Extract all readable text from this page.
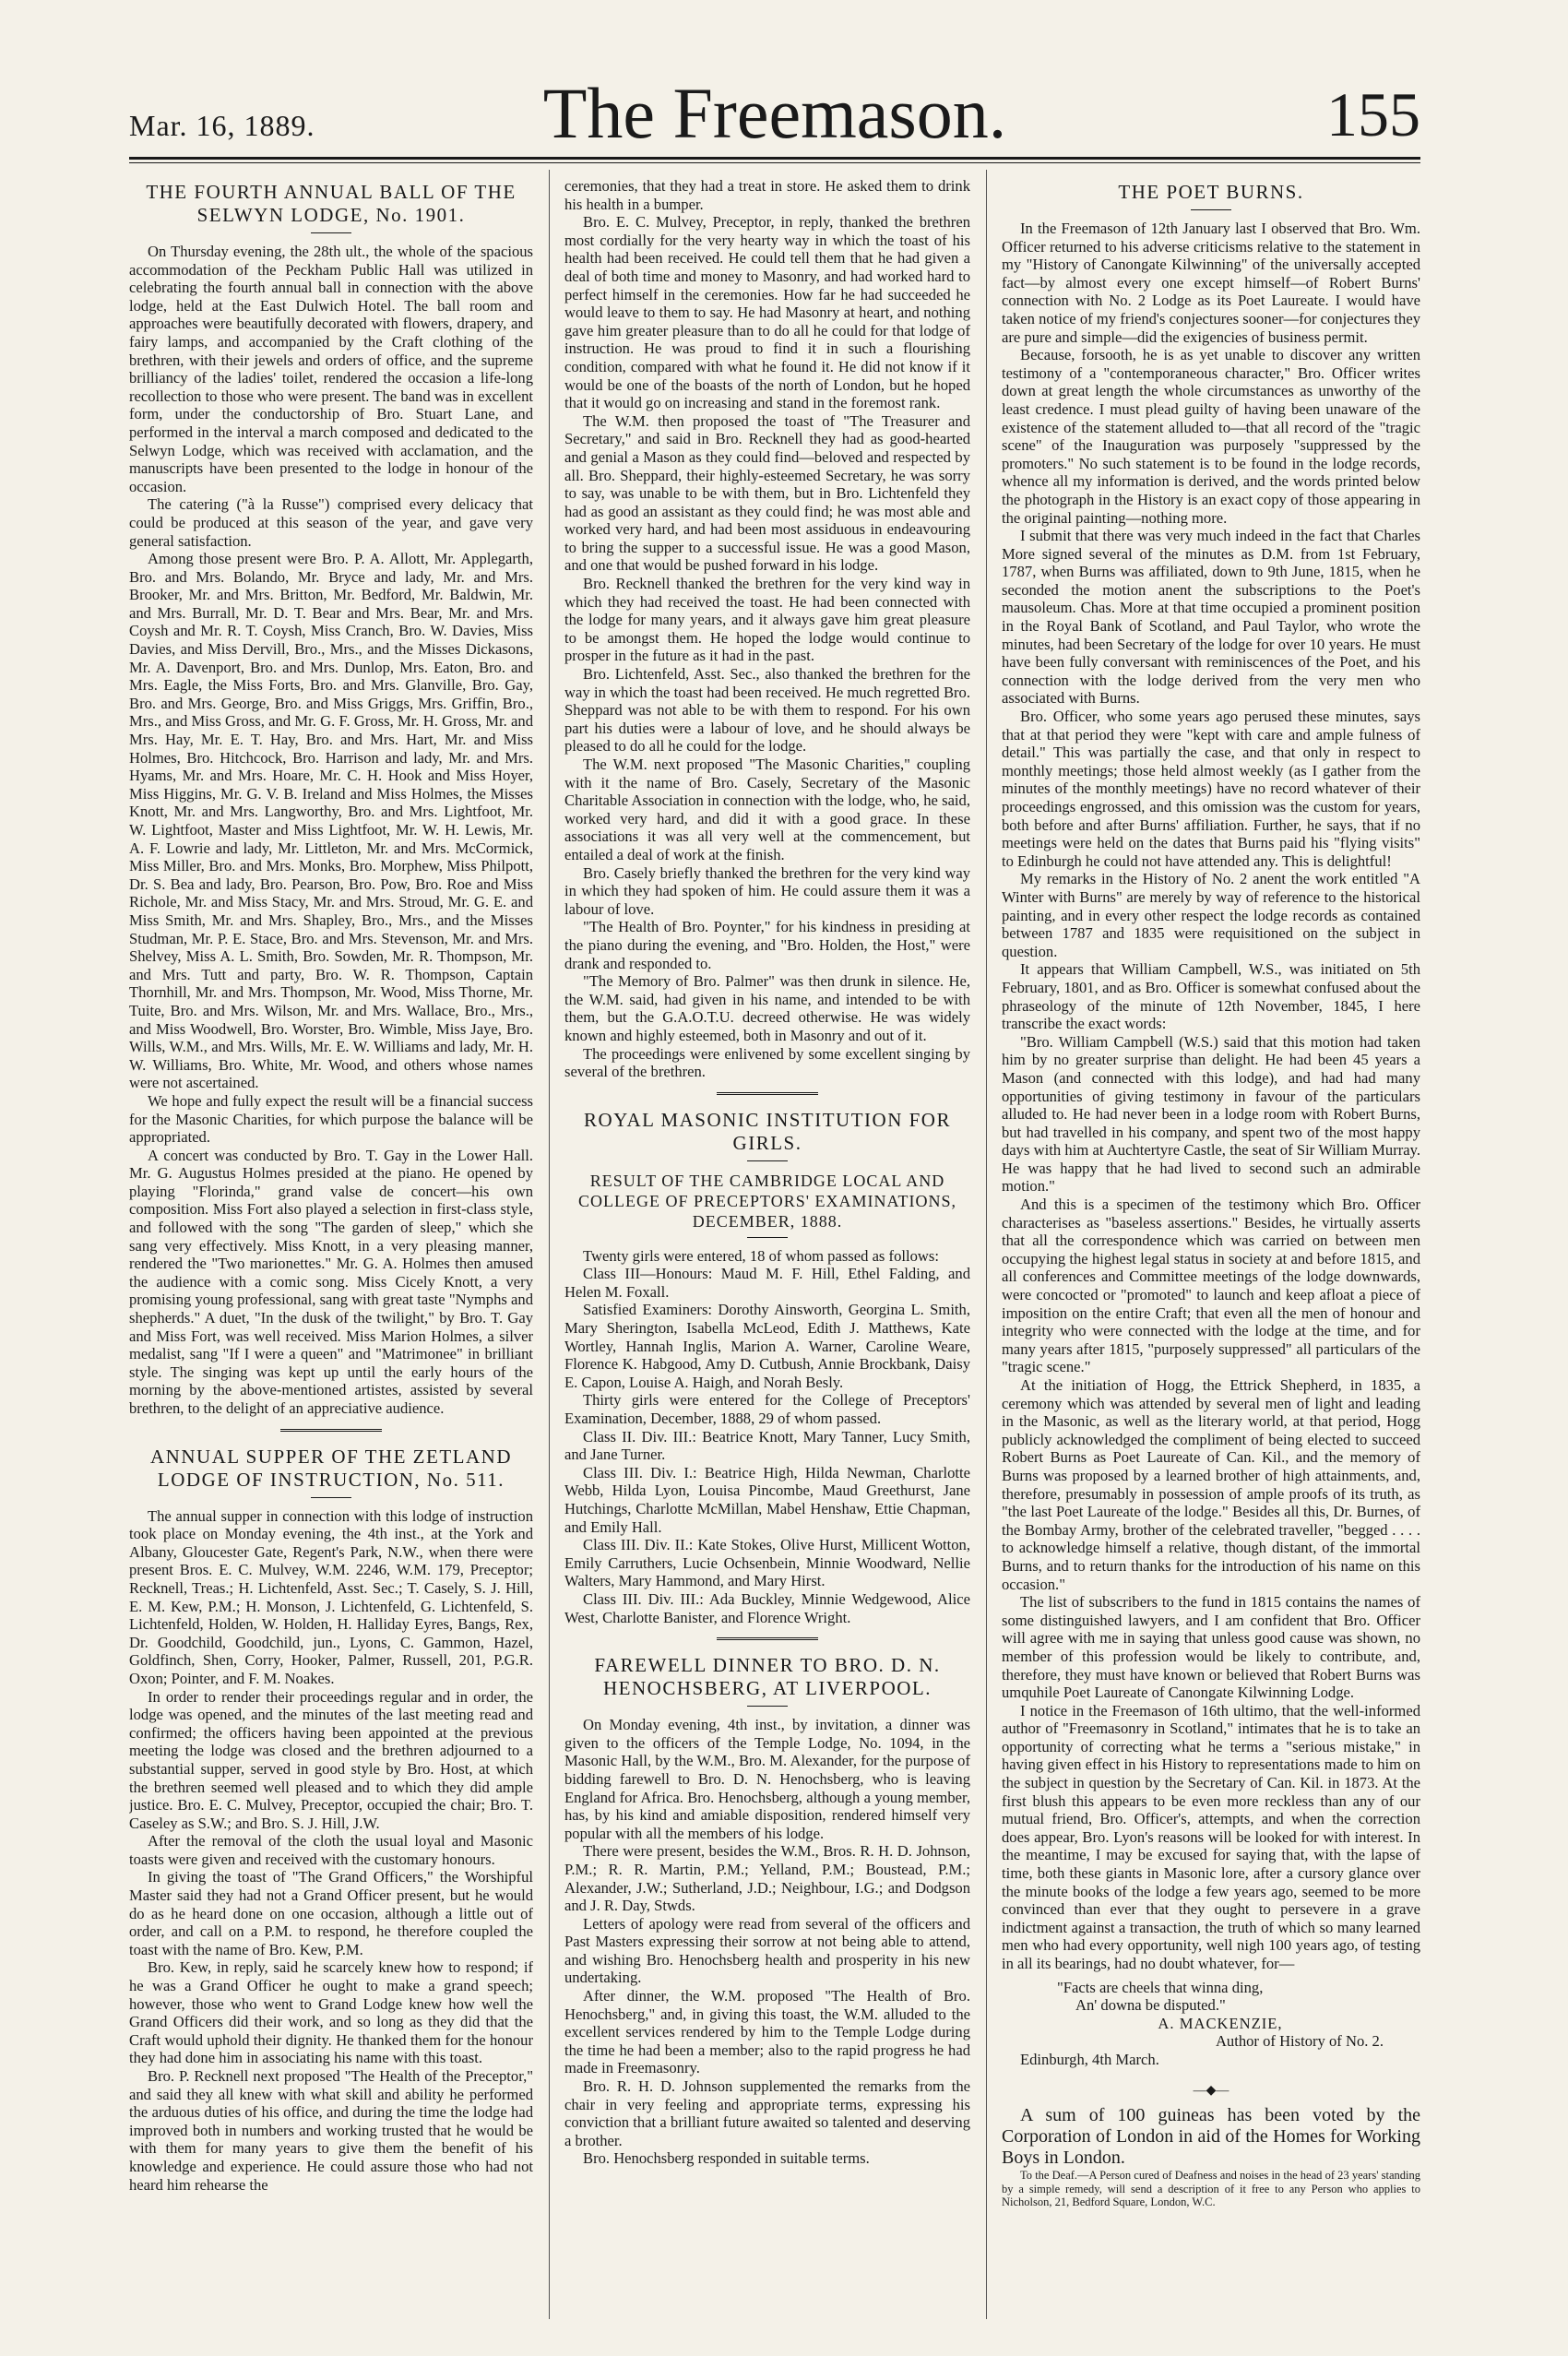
Mar. 16, 1889.	The Freemason.	155
THE FOURTH ANNUAL BALL OF THE SELWYN LODGE, No. 1901.

On Thursday evening, the 28th ult., the whole of the spacious accommodation of the Peckham Public Hall was utilized in celebrating the fourth annual ball in connection with the above lodge, held at the East Dulwich Hotel. The ball room and approaches were beautifully decorated with flowers, drapery, and fairy lamps, and accompanied by the Craft clothing of the brethren, with their jewels and orders of office, and the supreme brilliancy of the ladies' toilet, rendered the occasion a life-long recollection to those who were present. The band was in excellent form, under the conductorship of Bro. Stuart Lane, and performed in the interval a march composed and dedicated to the Selwyn Lodge, which was received with acclamation, and the manuscripts have been presented to the lodge in honour of the occasion.

The catering ("à la Russe") comprised every delicacy that could be produced at this season of the year, and gave very general satisfaction.

Among those present were Bro. P. A. Allott, Mr. Applegarth, Bro. and Mrs. Bolando, Mr. Bryce and lady, Mr. and Mrs. Brooker, Mr. and Mrs. Britton, Mr. Bedford, Mr. Baldwin, Mr. and Mrs. Burrall, Mr. D. T. Bear and Mrs. Bear, Mr. and Mrs. Coysh and Mr. R. T. Coysh, Miss Cranch, Bro. W. Davies, Miss Davies, and Miss Dervill, Bro., Mrs., and the Misses Dickasons, Mr. A. Davenport, Bro. and Mrs. Dunlop, Mrs. Eaton, Bro. and Mrs. Eagle, the Miss Forts, Bro. and Mrs. Glanville, Bro. Gay, Bro. and Mrs. George, Bro. and Miss Griggs, Mrs. Griffin, Bro., Mrs., and Miss Gross, and Mr. G. F. Gross, Mr. H. Gross, Mr. and Mrs. Hay, Mr. E. T. Hay, Bro. and Mrs. Hart, Mr. and Miss Holmes, Bro. Hitchcock, Bro. Harrison and lady, Mr. and Mrs. Hyams, Mr. and Mrs. Hoare, Mr. C. H. Hook and Miss Hoyer, Miss Higgins, Mr. G. V. B. Ireland and Miss Holmes, the Misses Knott, Mr. and Mrs. Langworthy, Bro. and Mrs. Lightfoot, Mr. W. Lightfoot, Master and Miss Lightfoot, Mr. W. H. Lewis, Mr. A. F. Lowrie and lady, Mr. Littleton, Mr. and Mrs. McCormick, Miss Miller, Bro. and Mrs. Monks, Bro. Morphew, Miss Philpott, Dr. S. Bea and lady, Bro. Pearson, Bro. Pow, Bro. Roe and Miss Richole, Mr. and Miss Stacy, Mr. and Mrs. Stroud, Mr. G. E. and Miss Smith, Mr. and Mrs. Shapley, Bro., Mrs., and the Misses Studman, Mr. P. E. Stace, Bro. and Mrs. Stevenson, Mr. and Mrs. Shelvey, Miss A. L. Smith, Bro. Sowden, Mr. R. Thompson, Mr. and Mrs. Tutt and party, Bro. W. R. Thompson, Captain Thornhill, Mr. and Mrs. Thompson, Mr. Wood, Miss Thorne, Mr. Tuite, Bro. and Mrs. Wilson, Mr. and Mrs. Wallace, Bro., Mrs., and Miss Woodwell, Bro. Worster, Bro. Wimble, Miss Jaye, Bro. Wills, W.M., and Mrs. Wills, Mr. E. W. Williams and lady, Mr. H. W. Williams, Bro. White, Mr. Wood, and others whose names were not ascertained.

We hope and fully expect the result will be a financial success for the Masonic Charities, for which purpose the balance will be appropriated.

A concert was conducted by Bro. T. Gay in the Lower Hall. Mr. G. Augustus Holmes presided at the piano. He opened by playing "Florinda," grand valse de concert—his own composition. Miss Fort also played a selection in first-class style, and followed with the song "The garden of sleep," which she sang very effectively. Miss Knott, in a very pleasing manner, rendered the "Two marionettes." Mr. G. A. Holmes then amused the audience with a comic song. Miss Cicely Knott, a very promising young professional, sang with great taste "Nymphs and shepherds." A duet, "In the dusk of the twilight," by Bro. T. Gay and Miss Fort, was well received. Miss Marion Holmes, a silver medalist, sang "If I were a queen" and "Matrimonee" in brilliant style. The singing was kept up until the early hours of the morning by the above-mentioned artistes, assisted by several brethren, to the delight of an appreciative audience.

ANNUAL SUPPER OF THE ZETLAND LODGE OF INSTRUCTION, No. 511.

The annual supper in connection with this lodge of instruction took place on Monday evening, the 4th inst., at the York and Albany, Gloucester Gate, Regent's Park, N.W., when there were present Bros. E. C. Mulvey, W.M. 2246, W.M. 179, Preceptor; Recknell, Treas.; H. Lichtenfeld, Asst. Sec.; T. Casely, S. J. Hill, E. M. Kew, P.M.; H. Monson, J. Lichtenfeld, G. Lichtenfeld, S. Lichtenfeld, Holden, W. Holden, H. Halliday Eyres, Bangs, Rex, Dr. Goodchild, Goodchild, jun., Lyons, C. Gammon, Hazel, Goldfinch, Shen, Corry, Hooker, Palmer, Russell, 201, P.G.R. Oxon; Pointer, and F. M. Noakes.

In order to render their proceedings regular and in order, the lodge was opened, and the minutes of the last meeting read and confirmed; the officers having been appointed at the previous meeting the lodge was closed and the brethren adjourned to a substantial supper, served in good style by Bro. Host, at which the brethren seemed well pleased and to which they did ample justice. Bro. E. C. Mulvey, Preceptor, occupied the chair; Bro. T. Caseley as S.W.; and Bro. S. J. Hill, J.W.

After the removal of the cloth the usual loyal and Masonic toasts were given and received with the customary honours.

In giving the toast of "The Grand Officers," the Worshipful Master said they had not a Grand Officer present, but he would do as he heard done on one occasion, although a little out of order, and call on a P.M. to respond, he therefore coupled the toast with the name of Bro. Kew, P.M.

Bro. Kew, in reply, said he scarcely knew how to respond; if he was a Grand Officer he ought to make a grand speech; however, those who went to Grand Lodge knew how well the Grand Officers did their work, and so long as they did that the Craft would uphold their dignity. He thanked them for the honour they had done him in associating his name with this toast.

Bro. P. Recknell next proposed "The Health of the Preceptor," and said they all knew with what skill and ability he performed the arduous duties of his office, and during the time the lodge had improved both in numbers and working trusted that he would be with them for many years to give them the benefit of his knowledge and experience. He could assure those who had not heard him rehearse the

ceremonies, that they had a treat in store. He asked them to drink his health in a bumper.

Bro. E. C. Mulvey, Preceptor, in reply, thanked the brethren most cordially for the very hearty way in which the toast of his health had been received. He could tell them that he had given a deal of both time and money to Masonry, and had worked hard to perfect himself in the ceremonies. How far he had succeeded he would leave to them to say. He had Masonry at heart, and nothing gave him greater pleasure than to do all he could for that lodge of instruction. He was proud to find it in such a flourishing condition, compared with what he found it. He did not know if it would be one of the boasts of the north of London, but he hoped that it would go on increasing and stand in the foremost rank.

The W.M. then proposed the toast of "The Treasurer and Secretary," and said in Bro. Recknell they had as good-hearted and genial a Mason as they could find—beloved and respected by all. Bro. Sheppard, their highly-esteemed Secretary, he was sorry to say, was unable to be with them, but in Bro. Lichtenfeld they had as good an assistant as they could find; he was most able and worked very hard, and had been most assiduous in endeavouring to bring the supper to a successful issue. He was a good Mason, and one that would be pushed forward in his lodge.

Bro. Recknell thanked the brethren for the very kind way in which they had received the toast. He had been connected with the lodge for many years, and it always gave him great pleasure to be amongst them. He hoped the lodge would continue to prosper in the future as it had in the past.

Bro. Lichtenfeld, Asst. Sec., also thanked the brethren for the way in which the toast had been received. He much regretted Bro. Sheppard was not able to be with them to respond. For his own part his duties were a labour of love, and he should always be pleased to do all he could for the lodge.

The W.M. next proposed "The Masonic Charities," coupling with it the name of Bro. Casely, Secretary of the Masonic Charitable Association in connection with the lodge, who, he said, worked very hard, and did it with a good grace. In these associations it was all very well at the commencement, but entailed a deal of work at the finish.

Bro. Casely briefly thanked the brethren for the very kind way in which they had spoken of him. He could assure them it was a labour of love.

"The Health of Bro. Poynter," for his kindness in presiding at the piano during the evening, and "Bro. Holden, the Host," were drank and responded to.

"The Memory of Bro. Palmer" was then drunk in silence. He, the W.M. said, had given in his name, and intended to be with them, but the G.A.O.T.U. decreed otherwise. He was widely known and highly esteemed, both in Masonry and out of it.

The proceedings were enlivened by some excellent singing by several of the brethren.

ROYAL MASONIC INSTITUTION FOR GIRLS.
RESULT OF THE CAMBRIDGE LOCAL AND COLLEGE OF PRECEPTORS' EXAMINATIONS, DECEMBER, 1888.

Twenty girls were entered, 18 of whom passed as follows:

Class III—Honours: Maud M. F. Hill, Ethel Falding, and Helen M. Foxall.

Satisfied Examiners: Dorothy Ainsworth, Georgina L. Smith, Mary Sherington, Isabella McLeod, Edith J. Matthews, Kate Wortley, Hannah Inglis, Marion A. Warner, Caroline Weare, Florence K. Habgood, Amy D. Cutbush, Annie Brockbank, Daisy E. Capon, Louise A. Haigh, and Norah Besly.

Thirty girls were entered for the College of Preceptors' Examination, December, 1888, 29 of whom passed.

Class II. Div. III.: Beatrice Knott, Mary Tanner, Lucy Smith, and Jane Turner.

Class III. Div. I.: Beatrice High, Hilda Newman, Charlotte Webb, Hilda Lyon, Louisa Pincombe, Maud Greethurst, Jane Hutchings, Charlotte McMillan, Mabel Henshaw, Ettie Chapman, and Emily Hall.

Class III. Div. II.: Kate Stokes, Olive Hurst, Millicent Wotton, Emily Carruthers, Lucie Ochsenbein, Minnie Woodward, Nellie Walters, Mary Hammond, and Mary Hirst.

Class III. Div. III.: Ada Buckley, Minnie Wedgewood, Alice West, Charlotte Banister, and Florence Wright.

FAREWELL DINNER TO BRO. D. N. HENOCHSBERG, AT LIVERPOOL.

On Monday evening, 4th inst., by invitation, a dinner was given to the officers of the Temple Lodge, No. 1094, in the Masonic Hall, by the W.M., Bro. M. Alexander, for the purpose of bidding farewell to Bro. D. N. Henochsberg, who is leaving England for Africa. Bro. Henochsberg, although a young member, has, by his kind and amiable disposition, rendered himself very popular with all the members of his lodge.

There were present, besides the W.M., Bros. R. H. D. Johnson, P.M.; R. R. Martin, P.M.; Yelland, P.M.; Boustead, P.M.; Alexander, J.W.; Sutherland, J.D.; Neighbour, I.G.; and Dodgson and J. R. Day, Stwds.

Letters of apology were read from several of the officers and Past Masters expressing their sorrow at not being able to attend, and wishing Bro. Henochsberg health and prosperity in his new undertaking.

After dinner, the W.M. proposed "The Health of Bro. Henochsberg," and, in giving this toast, the W.M. alluded to the excellent services rendered by him to the Temple Lodge during the time he had been a member; also to the rapid progress he had made in Freemasonry.

Bro. R. H. D. Johnson supplemented the remarks from the chair in very feeling and appropriate terms, expressing his conviction that a brilliant future awaited so talented and deserving a brother.

Bro. Henochsberg responded in suitable terms.

THE POET BURNS.

In the Freemason of 12th January last I observed that Bro. Wm. Officer returned to his adverse criticisms relative to the statement in my "History of Canongate Kilwinning" of the universally accepted fact—by almost every one except himself—of Robert Burns' connection with No. 2 Lodge as its Poet Laureate. I would have taken notice of my friend's conjectures sooner—for conjectures they are pure and simple—did the exigencies of business permit.

Because, forsooth, he is as yet unable to discover any written testimony of a "contemporaneous character," Bro. Officer writes down at great length the whole circumstances as unworthy of the least credence. I must plead guilty of having been unaware of the existence of the statement alluded to—that all record of the "tragic scene" of the Inauguration was purposely "suppressed by the promoters." No such statement is to be found in the lodge records, whence all my information is derived, and the words printed below the photograph in the History is an exact copy of those appearing in the original painting—nothing more.

I submit that there was very much indeed in the fact that Charles More signed several of the minutes as D.M. from 1st February, 1787, when Burns was affiliated, down to 9th June, 1815, when he seconded the motion anent the subscriptions to the Poet's mausoleum. Chas. More at that time occupied a prominent position in the Royal Bank of Scotland, and Paul Taylor, who wrote the minutes, had been Secretary of the lodge for over 10 years. He must have been fully conversant with reminiscences of the Poet, and his connection with the lodge derived from the very men who associated with Burns.

Bro. Officer, who some years ago perused these minutes, says that at that period they were "kept with care and ample fulness of detail." This was partially the case, and that only in respect to monthly meetings; those held almost weekly (as I gather from the minutes of the monthly meetings) have no record whatever of their proceedings engrossed, and this omission was the custom for years, both before and after Burns' affiliation. Further, he says, that if no meetings were held on the dates that Burns paid his "flying visits" to Edinburgh he could not have attended any. This is delightful!

My remarks in the History of No. 2 anent the work entitled "A Winter with Burns" are merely by way of reference to the historical painting, and in every other respect the lodge records as contained between 1787 and 1835 were requisitioned on the subject in question.

It appears that William Campbell, W.S., was initiated on 5th February, 1801, and as Bro. Officer is somewhat confused about the phraseology of the minute of 12th November, 1845, I here transcribe the exact words:

"Bro. William Campbell (W.S.) said that this motion had taken him by no greater surprise than delight. He had been 45 years a Mason (and connected with this lodge), and had had many opportunities of giving testimony in favour of the particulars alluded to. He had never been in a lodge room with Robert Burns, but had travelled in his company, and spent two of the most happy days with him at Auchtertyre Castle, the seat of Sir William Murray. He was happy that he had lived to second such an admirable motion."

And this is a specimen of the testimony which Bro. Officer characterises as "baseless assertions." Besides, he virtually asserts that all the correspondence which was carried on between men occupying the highest legal status in society at and before 1815, and all conferences and Committee meetings of the lodge downwards, were concocted or "promoted" to launch and keep afloat a piece of imposition on the entire Craft; that even all the men of honour and integrity who were connected with the lodge at the time, and for many years after 1815, "purposely suppressed" all particulars of the "tragic scene."

At the initiation of Hogg, the Ettrick Shepherd, in 1835, a ceremony which was attended by several men of light and leading in the Masonic, as well as the literary world, at that period, Hogg publicly acknowledged the compliment of being elected to succeed Robert Burns as Poet Laureate of Can. Kil., and the memory of Burns was proposed by a learned brother of high attainments, and, therefore, presumably in possession of ample proofs of its truth, as "the last Poet Laureate of the lodge." Besides all this, Dr. Burnes, of the Bombay Army, brother of the celebrated traveller, "begged . . . . to acknowledge himself a relative, though distant, of the immortal Burns, and to return thanks for the introduction of his name on this occasion."

The list of subscribers to the fund in 1815 contains the names of some distinguished lawyers, and I am confident that Bro. Officer will agree with me in saying that unless good cause was shown, no member of this profession would be likely to contribute, and, therefore, they must have known or believed that Robert Burns was umquhile Poet Laureate of Canongate Kilwinning Lodge.

I notice in the Freemason of 16th ultimo, that the well-informed author of "Freemasonry in Scotland," intimates that he is to take an opportunity of correcting what he terms a "serious mistake," in having given effect in his History to representations made to him on the subject in question by the Secretary of Can. Kil. in 1873. At the first blush this appears to be even more reckless than any of our mutual friend, Bro. Officer's, attempts, and when the correction does appear, Bro. Lyon's reasons will be looked for with interest. In the meantime, I may be excused for saying that, with the lapse of time, both these giants in Masonic lore, after a cursory glance over the minute books of the lodge a few years ago, seemed to be more convinced than ever that they ought to persevere in a grave indictment against a transaction, the truth of which so many learned men who had every opportunity, well nigh 100 years ago, of testing in all its bearings, had no doubt whatever, for—

"Facts are cheels that winna ding,
An' downa be disputed."

A. MACKENZIE,

Author of History of No. 2.

Edinburgh, 4th March.

—◆—

A sum of 100 guineas has been voted by the Corporation of London in aid of the Homes for Working Boys in London.

To the Deaf.—A Person cured of Deafness and noises in the head of 23 years' standing by a simple remedy, will send a description of it free to any Person who applies to Nicholson, 21, Bedford Square, London, W.C.
